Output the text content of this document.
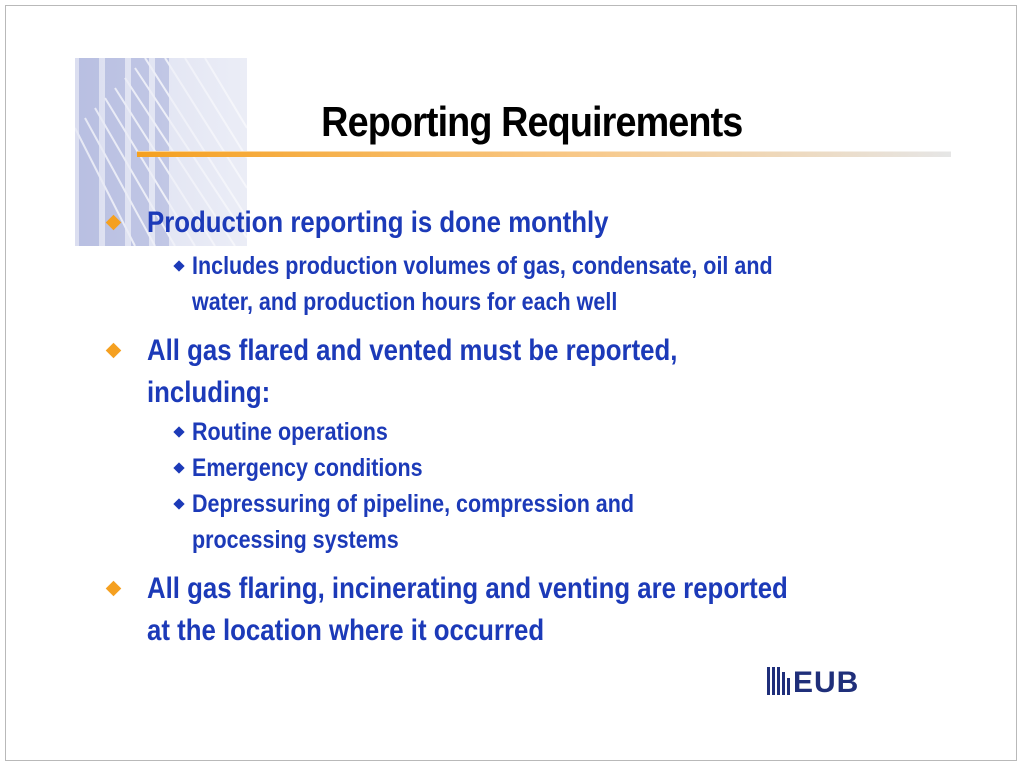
Reporting Requirements
Production reporting is done monthly
Includes production volumes of gas, condensate, oil and water, and production hours for each well
All gas flared and vented must be reported, including:
Routine operations
Emergency conditions
Depressuring of pipeline, compression and processing systems
All gas flaring, incinerating and venting are reported at the location where it occurred
EUB
